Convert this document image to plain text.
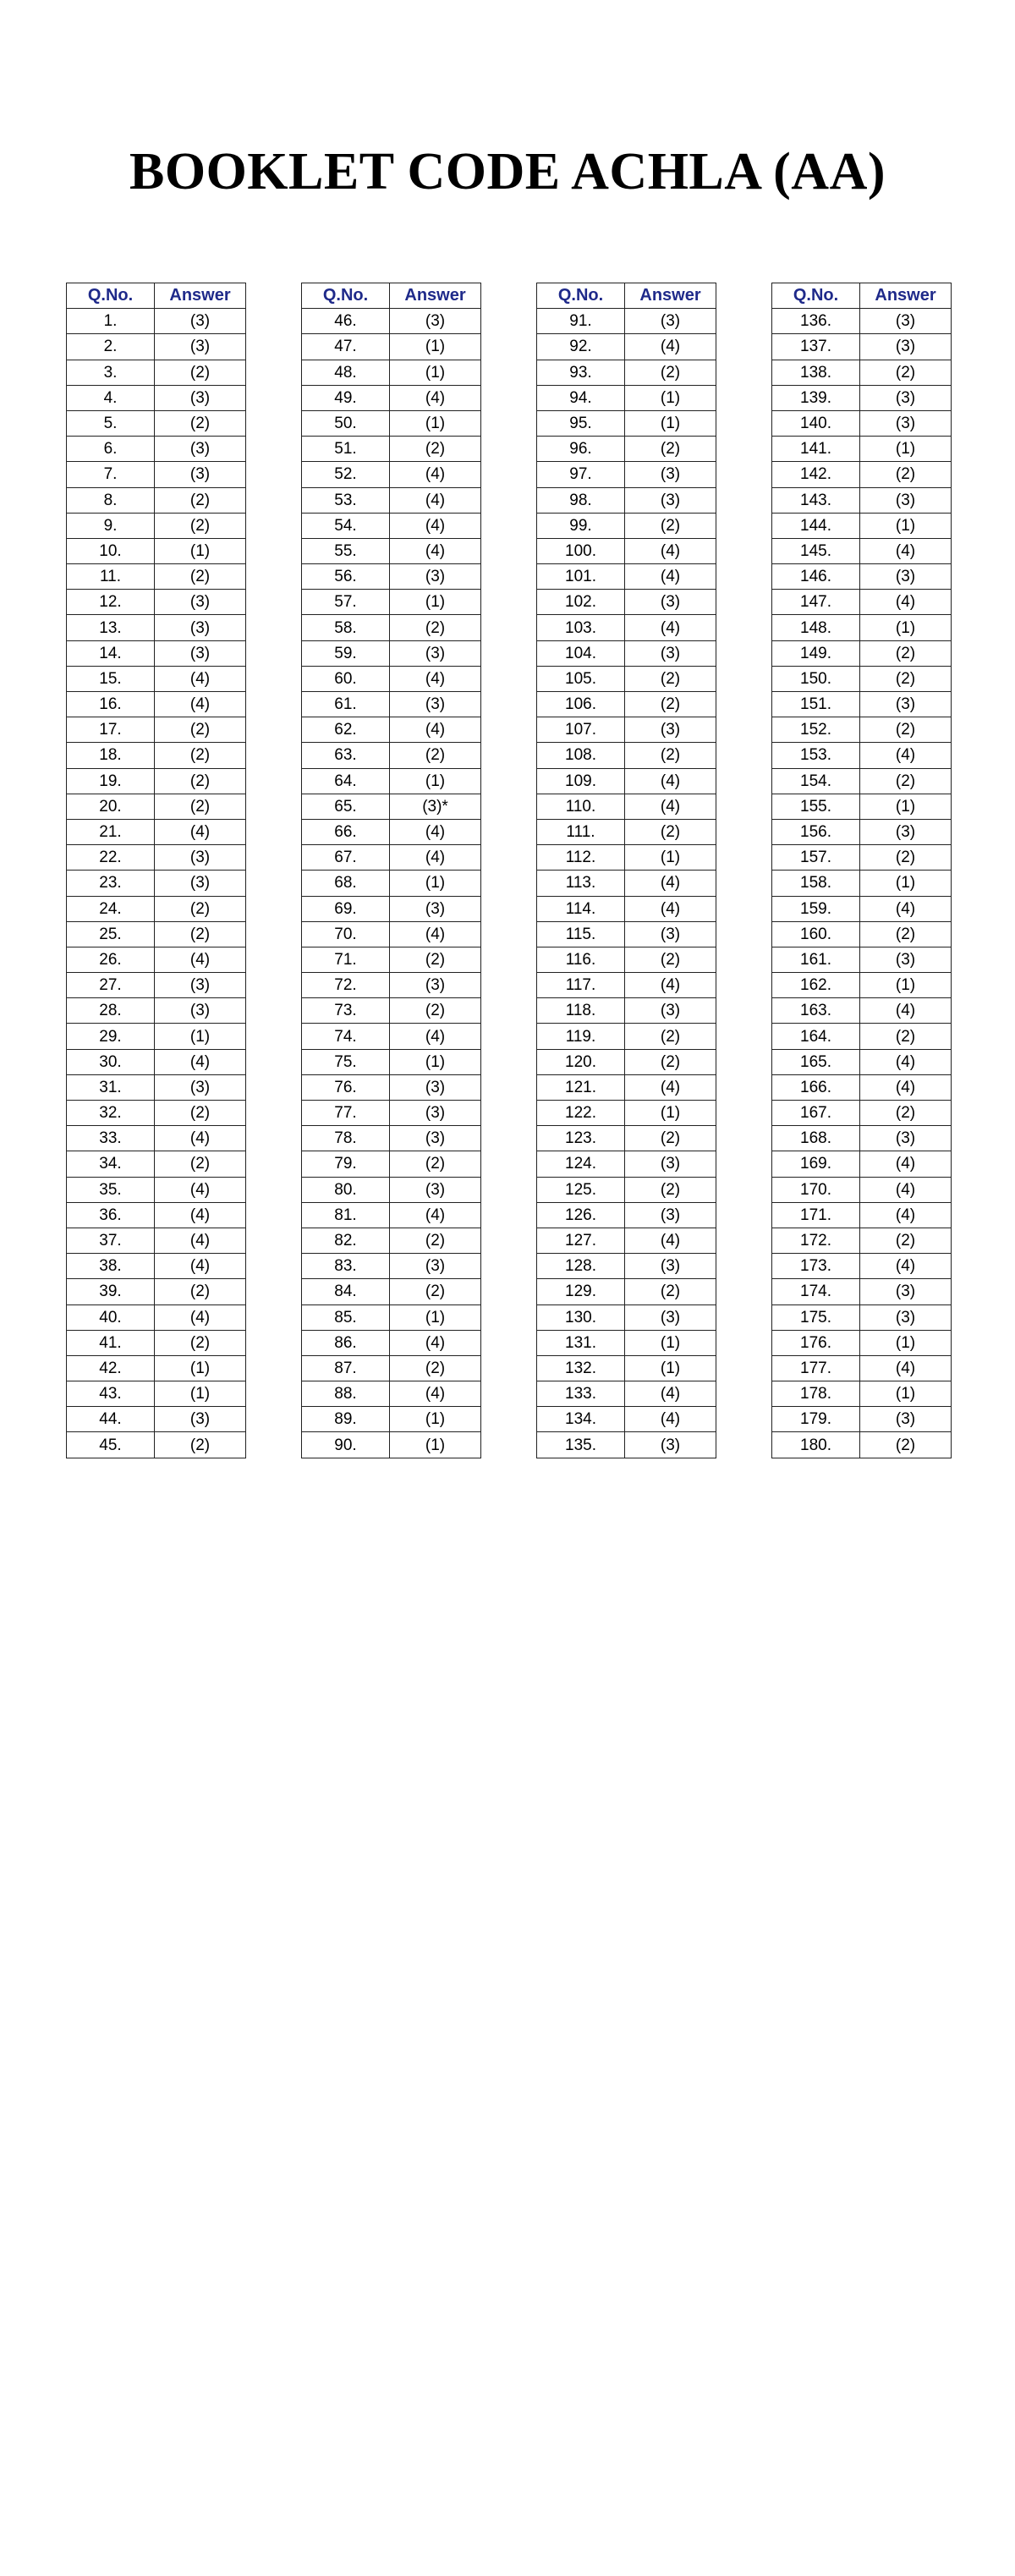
BOOKLET CODE ACHLA (AA)
Q.No.	Answer
1.	(3)
2.	(3)
3.	(2)
4.	(3)
5.	(2)
6.	(3)
7.	(3)
8.	(2)
9.	(2)
10.	(1)
11.	(2)
12.	(3)
13.	(3)
14.	(3)
15.	(4)
16.	(4)
17.	(2)
18.	(2)
19.	(2)
20.	(2)
21.	(4)
22.	(3)
23.	(3)
24.	(2)
25.	(2)
26.	(4)
27.	(3)
28.	(3)
29.	(1)
30.	(4)
31.	(3)
32.	(2)
33.	(4)
34.	(2)
35.	(4)
36.	(4)
37.	(4)
38.	(4)
39.	(2)
40.	(4)
41.	(2)
42.	(1)
43.	(1)
44.	(3)
45.	(2)
Q.No.	Answer
46.	(3)
47.	(1)
48.	(1)
49.	(4)
50.	(1)
51.	(2)
52.	(4)
53.	(4)
54.	(4)
55.	(4)
56.	(3)
57.	(1)
58.	(2)
59.	(3)
60.	(4)
61.	(3)
62.	(4)
63.	(2)
64.	(1)
65.	(3)*
66.	(4)
67.	(4)
68.	(1)
69.	(3)
70.	(4)
71.	(2)
72.	(3)
73.	(2)
74.	(4)
75.	(1)
76.	(3)
77.	(3)
78.	(3)
79.	(2)
80.	(3)
81.	(4)
82.	(2)
83.	(3)
84.	(2)
85.	(1)
86.	(4)
87.	(2)
88.	(4)
89.	(1)
90.	(1)
Q.No.	Answer
91.	(3)
92.	(4)
93.	(2)
94.	(1)
95.	(1)
96.	(2)
97.	(3)
98.	(3)
99.	(2)
100.	(4)
101.	(4)
102.	(3)
103.	(4)
104.	(3)
105.	(2)
106.	(2)
107.	(3)
108.	(2)
109.	(4)
110.	(4)
111.	(2)
112.	(1)
113.	(4)
114.	(4)
115.	(3)
116.	(2)
117.	(4)
118.	(3)
119.	(2)
120.	(2)
121.	(4)
122.	(1)
123.	(2)
124.	(3)
125.	(2)
126.	(3)
127.	(4)
128.	(3)
129.	(2)
130.	(3)
131.	(1)
132.	(1)
133.	(4)
134.	(4)
135.	(3)
Q.No.	Answer
136.	(3)
137.	(3)
138.	(2)
139.	(3)
140.	(3)
141.	(1)
142.	(2)
143.	(3)
144.	(1)
145.	(4)
146.	(3)
147.	(4)
148.	(1)
149.	(2)
150.	(2)
151.	(3)
152.	(2)
153.	(4)
154.	(2)
155.	(1)
156.	(3)
157.	(2)
158.	(1)
159.	(4)
160.	(2)
161.	(3)
162.	(1)
163.	(4)
164.	(2)
165.	(4)
166.	(4)
167.	(2)
168.	(3)
169.	(4)
170.	(4)
171.	(4)
172.	(2)
173.	(4)
174.	(3)
175.	(3)
176.	(1)
177.	(4)
178.	(1)
179.	(3)
180.	(2)
